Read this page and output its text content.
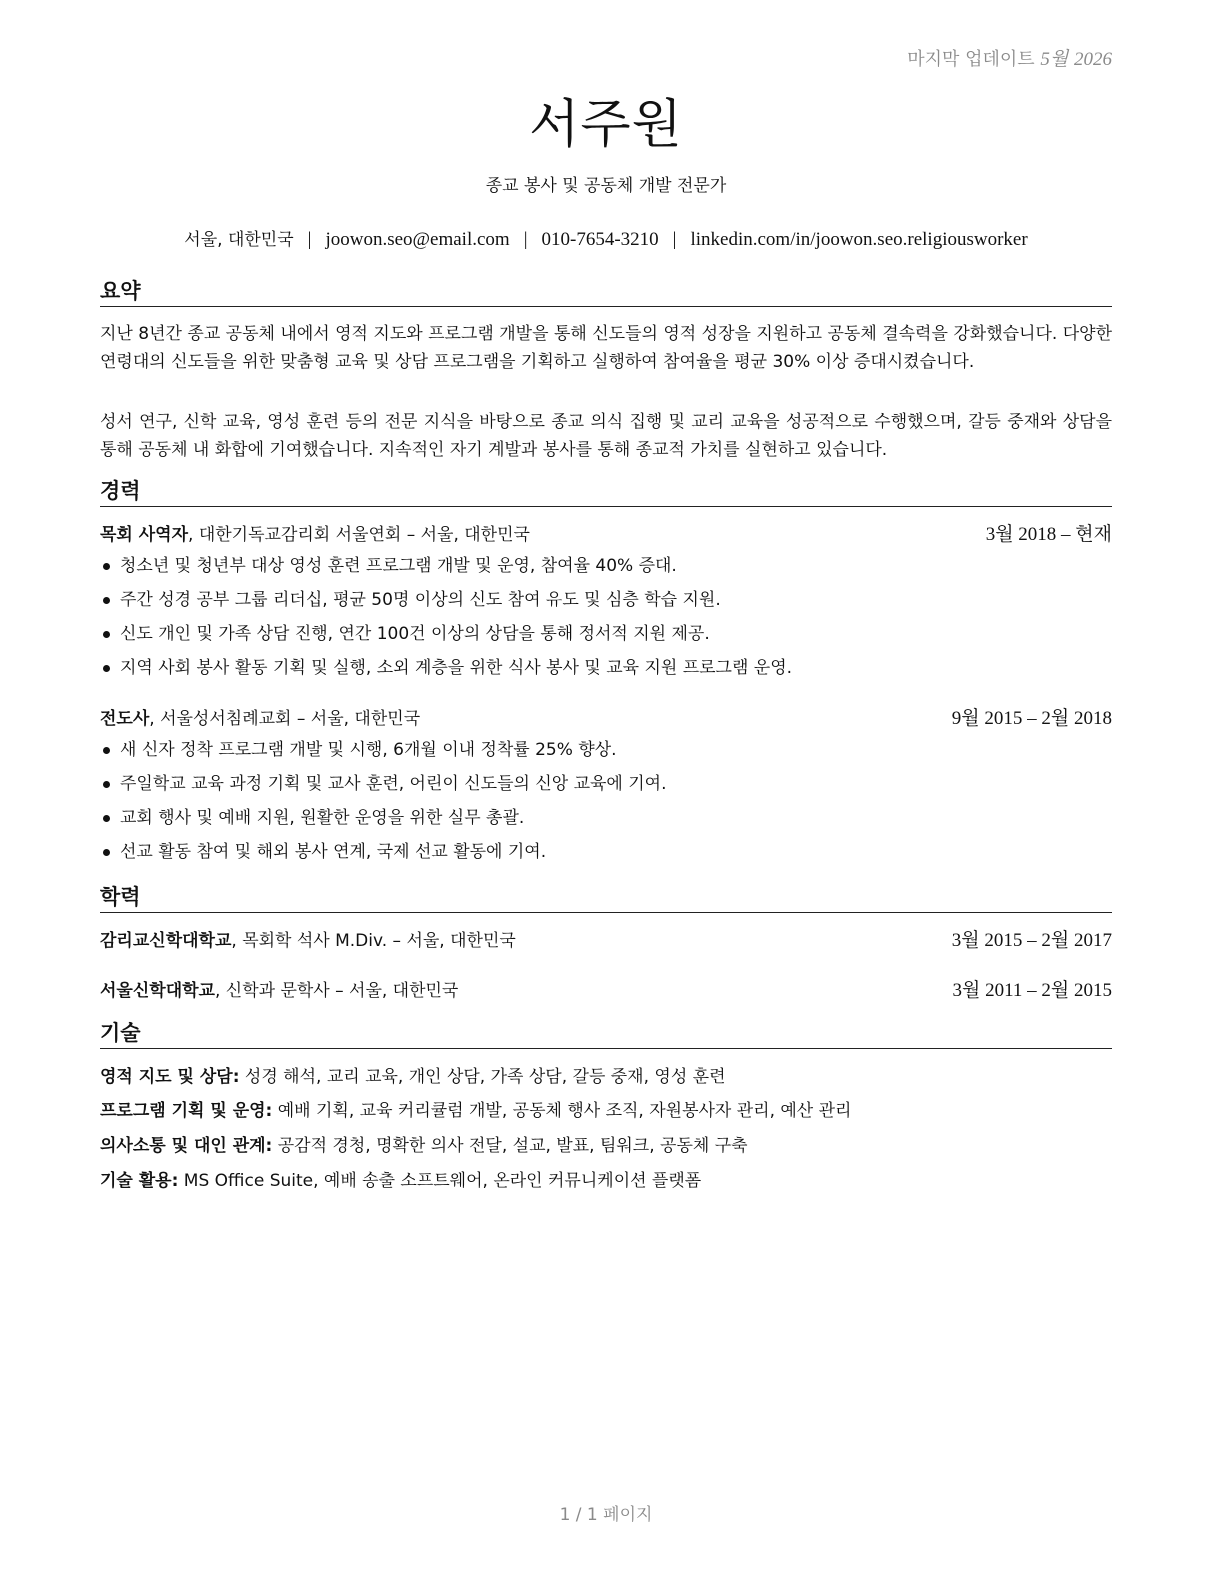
마지막 업데이트 5월 2026
서주원
종교 봉사 및 공동체 개발 전문가
서울, 대한민국 | joowon.seo@email.com | 010-7654-3210 | linkedin.com/in/joowon.seo.religiousworker
요약
지난 8년간 종교 공동체 내에서 영적 지도와 프로그램 개발을 통해 신도들의 영적 성장을 지원하고 공동체 결속력을 강화했습니다. 다양한 연령대의 신도들을 위한 맞춤형 교육 및 상담 프로그램을 기획하고 실행하여 참여율을 평균 30% 이상 증대시켰습니다.
성서 연구, 신학 교육, 영성 훈련 등의 전문 지식을 바탕으로 종교 의식 집행 및 교리 교육을 성공적으로 수행했으며, 갈등 중재와 상담을 통해 공동체 내 화합에 기여했습니다. 지속적인 자기 계발과 봉사를 통해 종교적 가치를 실현하고 있습니다.
경력
목회 사역자, 대한기독교감리회 서울연회 – 서울, 대한민국	3월 2018 – 현재
청소년 및 청년부 대상 영성 훈련 프로그램 개발 및 운영, 참여율 40% 증대.
주간 성경 공부 그룹 리더십, 평균 50명 이상의 신도 참여 유도 및 심층 학습 지원.
신도 개인 및 가족 상담 진행, 연간 100건 이상의 상담을 통해 정서적 지원 제공.
지역 사회 봉사 활동 기획 및 실행, 소외 계층을 위한 식사 봉사 및 교육 지원 프로그램 운영.
전도사, 서울성서침례교회 – 서울, 대한민국	9월 2015 – 2월 2018
새 신자 정착 프로그램 개발 및 시행, 6개월 이내 정착률 25% 향상.
주일학교 교육 과정 기획 및 교사 훈련, 어린이 신도들의 신앙 교육에 기여.
교회 행사 및 예배 지원, 원활한 운영을 위한 실무 총괄.
선교 활동 참여 및 해외 봉사 연계, 국제 선교 활동에 기여.
학력
감리교신학대학교, 목회학 석사 M.Div. – 서울, 대한민국	3월 2015 – 2월 2017
서울신학대학교, 신학과 문학사 – 서울, 대한민국	3월 2011 – 2월 2015
기술
영적 지도 및 상담: 성경 해석, 교리 교육, 개인 상담, 가족 상담, 갈등 중재, 영성 훈련
프로그램 기획 및 운영: 예배 기획, 교육 커리큘럼 개발, 공동체 행사 조직, 자원봉사자 관리, 예산 관리
의사소통 및 대인 관계: 공감적 경청, 명확한 의사 전달, 설교, 발표, 팀워크, 공동체 구축
기술 활용: MS Office Suite, 예배 송출 소프트웨어, 온라인 커뮤니케이션 플랫폼
1 / 1 페이지
